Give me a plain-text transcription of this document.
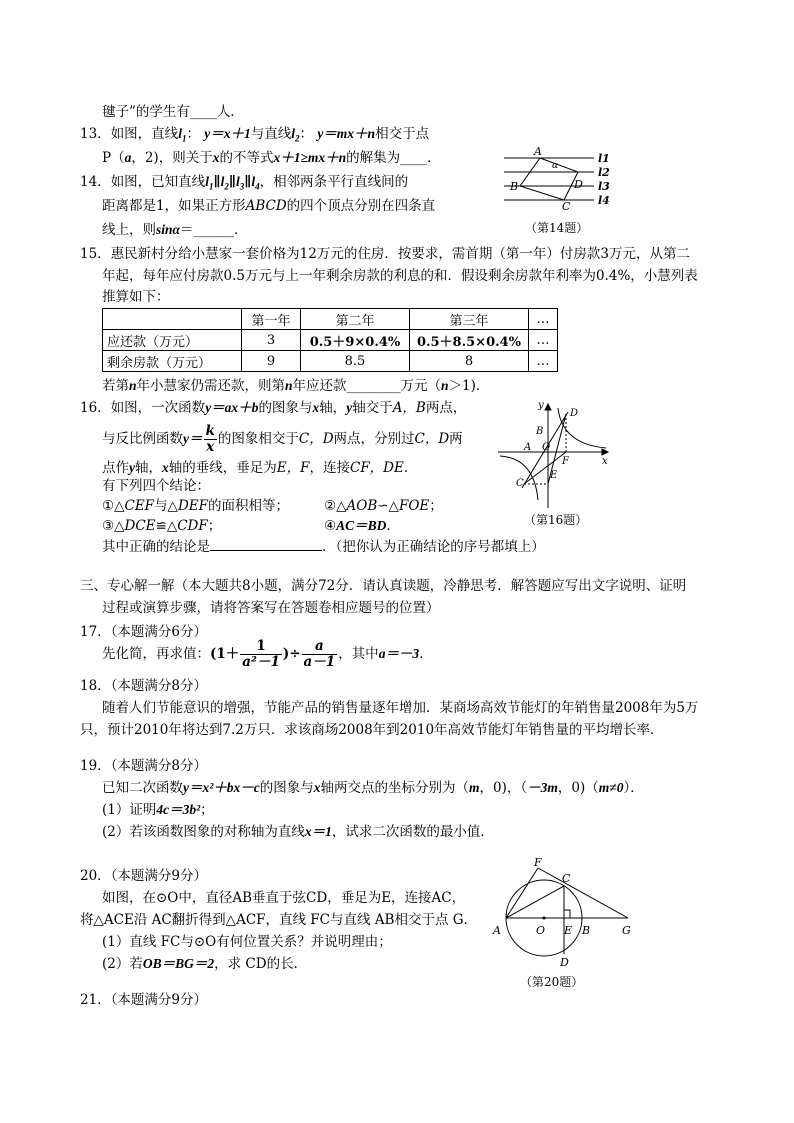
毽子”的学生有____人．
13．如图，直线$l_1$： y＝x＋1与直线$l_2$： y＝mx＋n相交于点
P（a，2)，则关于x的不等式x＋1≥mx＋n的解集为____．
14．如图，已知直线$l_1\parallel l_2\parallel l_3\parallel l_4$，相邻两条平行直线间的
距离都是1，如果正方形ABCD的四个顶点分别在四条直
线上，则sinα＝______．
A
α
B	D
C
l1
l2
l3
l4
（第14题）
15．惠民新村分给小慧家一套价格为12万元的住房．按要求，需首期（第一年）付房款3万元，从第二
年起，每年应付房款0.5万元与上一年剩余房款的利息的和．假设剩余房款年利率为0.4%，小慧列表
推算如下：
	第一年	第二年	第三年	…
应还款（万元）	3	0.5＋9×0.4%	0.5＋8.5×0.4%	…
剩余房款（万元）	9	8.5	8	…
若第n年小慧家仍需还款，则第n年应还款________万元（n＞1)．
16．如图，一次函数y＝ax＋b的图象与x轴，y轴交于A，B两点，
与反比例函数$y= \frac{k}{x}$ 的图象相交于C，D两点，分别过C，D两
点作y轴，x轴的垂线，垂足为E，F，连接CF，DE．
有下列四个结论：
①△CEF与△DEF的面积相等；	②△AOB∽△FOE；
③△DCE≌△CDF；	④AC＝BD．
其中正确的结论是	．（把你认为正确结论的序号都填上）
y
D
B
A O
F	x
E
C
（第16题）
三、专心解一解（本大题共8小题，满分72分．请认真读题，冷静思考．解答题应写出文字说明、证明
过程或演算步骤，请将答案写在答题卷相应题号的位置）
17．（本题满分6分）
先化简，再求值：($1+ \frac{1}{\text{a²－1}}$ )÷ $\frac{a}{a-1}$ ，其中a＝－3．
18．（本题满分8分）
随着人们节能意识的增强，节能产品的销售量逐年增加．某商场高效节能灯的年销售量2008年为5万
只，预计2010年将达到7.2万只．求该商场2008年到2010年高效节能灯年销售量的平均增长率．
19．（本题满分8分）
已知二次函数y＝x²＋bx－c的图象与x轴两交点的坐标分别为（m，0)，（－3m，0)（m≠0）．
(1）证明4c＝3b²；
(2）若该函数图象的对称轴为直线x＝1，试求二次函数的最小值．
20．（本题满分9分）
如图，在⊙O中，直径AB垂直于弦CD，垂足为E，连接AC，
将△ACE沿 AC翻折得到△ACF，直线 FC与直线 AB相交于点 G．
(1）直线 FC与⊙O有何位置关系？并说明理由；
(2）若OB＝BG＝2，求 CD的长．
F
C
A	O E B	G
D
（第20题）
21．（本题满分9分）
